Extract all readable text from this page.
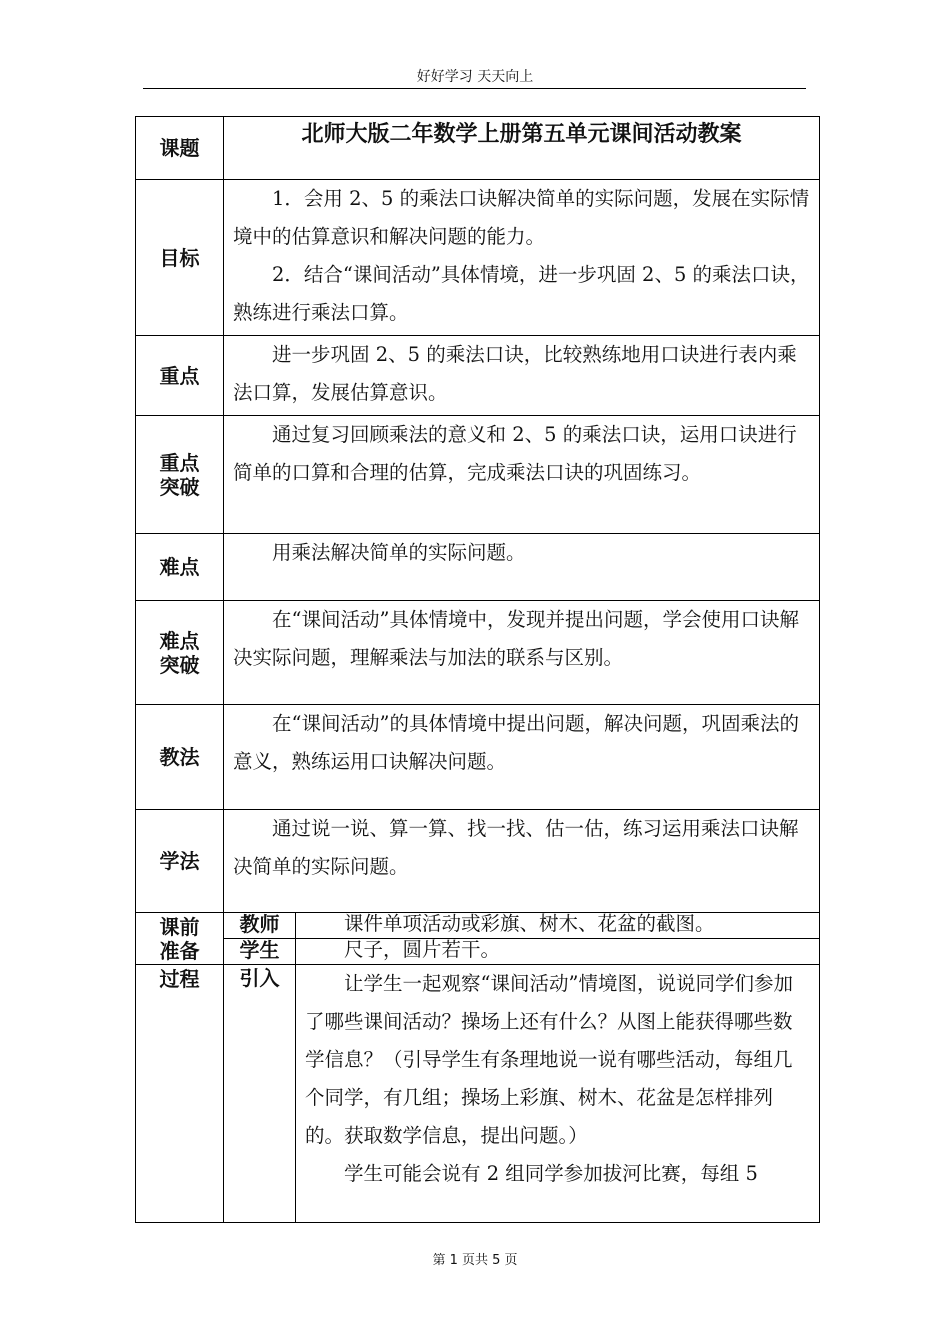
好好学习 天天向上
课题	北师大版二年数学上册第五单元课间活动教案	
目标	1．会用 2、5 的乘法口诀解决简单的实际问题，发展在实际情境中的估算意识和解决问题的能力。

2．结合“课间活动”具体情境，进一步巩固 2、5 的乘法口诀，熟练进行乘法口算。	

重点	进一步巩固 2、5 的乘法口诀，比较熟练地用口诀进行表内乘法口算，发展估算意识。	

重点
突破	通过复习回顾乘法的意义和 2、5 的乘法口诀，运用口诀进行简单的口算和合理的估算，完成乘法口诀的巩固练习。	

难点	用乘法解决简单的实际问题。	

难点
突破	在“课间活动”具体情境中，发现并提出问题，学会使用口诀解决实际问题，理解乘法与加法的联系与区别。	

教法	在“课间活动”的具体情境中提出问题，解决问题，巩固乘法的意义，熟练运用口诀解决问题。	

学法	通过说一说、算一算、找一找、估一估，练习运用乘法口诀解决简单的实际问题。	

课前
准备	教师	课件单项活动或彩旗、树木、花盆的截图。

	学生	尺子，圆片若干。

过程	引入	让学生一起观察“课间活动”情境图，说说同学们参加了哪些课间活动？操场上还有什么？从图上能获得哪些数学信息？（引导学生有条理地说一说有哪些活动，每组几个同学，有几组；操场上彩旗、树木、花盆是怎样排列的。获取数学信息，提出问题。）

学生可能会说有 2 组同学参加拔河比赛，每组 5

第 1 页共 5 页
